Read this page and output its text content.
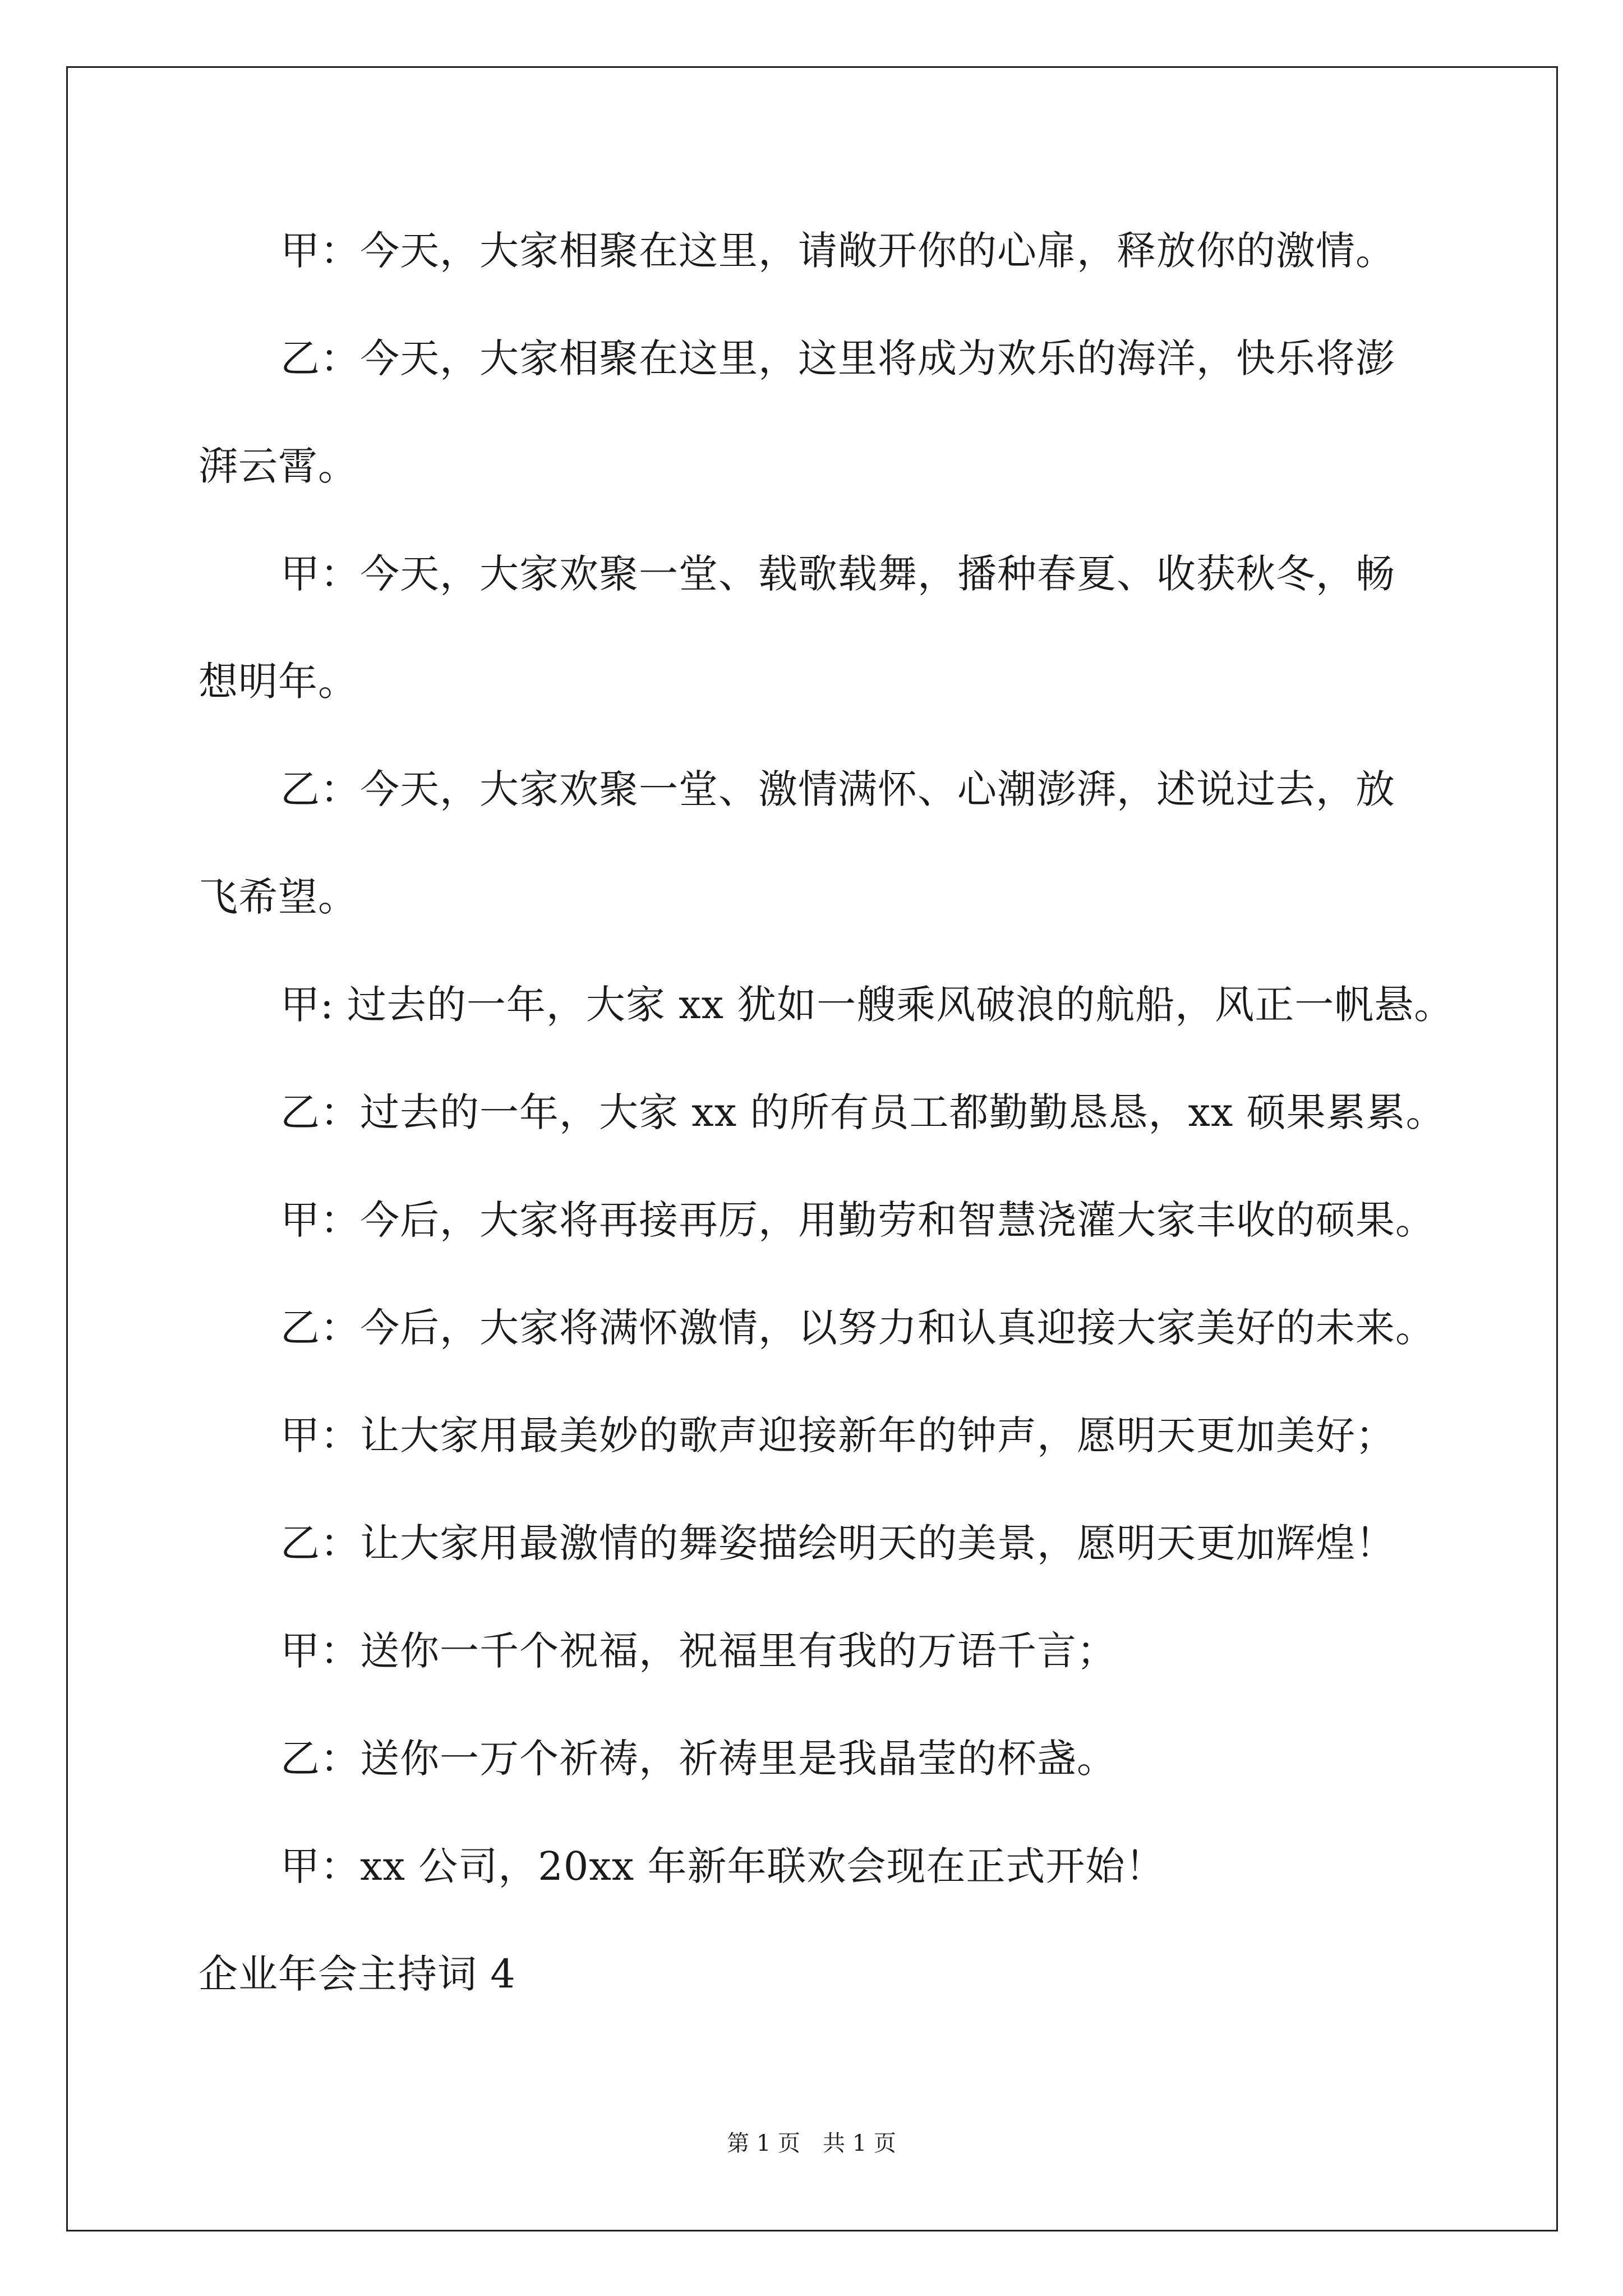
甲：今天，大家相聚在这里，请敞开你的心扉，释放你的激情。
乙：今天，大家相聚在这里，这里将成为欢乐的海洋，快乐将澎
湃云霄。
甲：今天，大家欢聚一堂、载歌载舞，播种春夏、收获秋冬，畅
想明年。
乙：今天，大家欢聚一堂、激情满怀、心潮澎湃，述说过去，放
飞希望。
甲: 过去的一年，大家 xx 犹如一艘乘风破浪的航船，风正一帆悬。
乙：过去的一年，大家 xx 的所有员工都勤勤恳恳，xx 硕果累累。
甲：今后，大家将再接再厉，用勤劳和智慧浇灌大家丰收的硕果。
乙：今后，大家将满怀激情，以努力和认真迎接大家美好的未来。
甲：让大家用最美妙的歌声迎接新年的钟声，愿明天更加美好；
乙：让大家用最激情的舞姿描绘明天的美景，愿明天更加辉煌！
甲：送你一千个祝福，祝福里有我的万语千言；
乙：送你一万个祈祷，祈祷里是我晶莹的杯盏。
甲：xx 公司，20xx 年新年联欢会现在正式开始！
企业年会主持词 4
第 1 页　共 1 页
